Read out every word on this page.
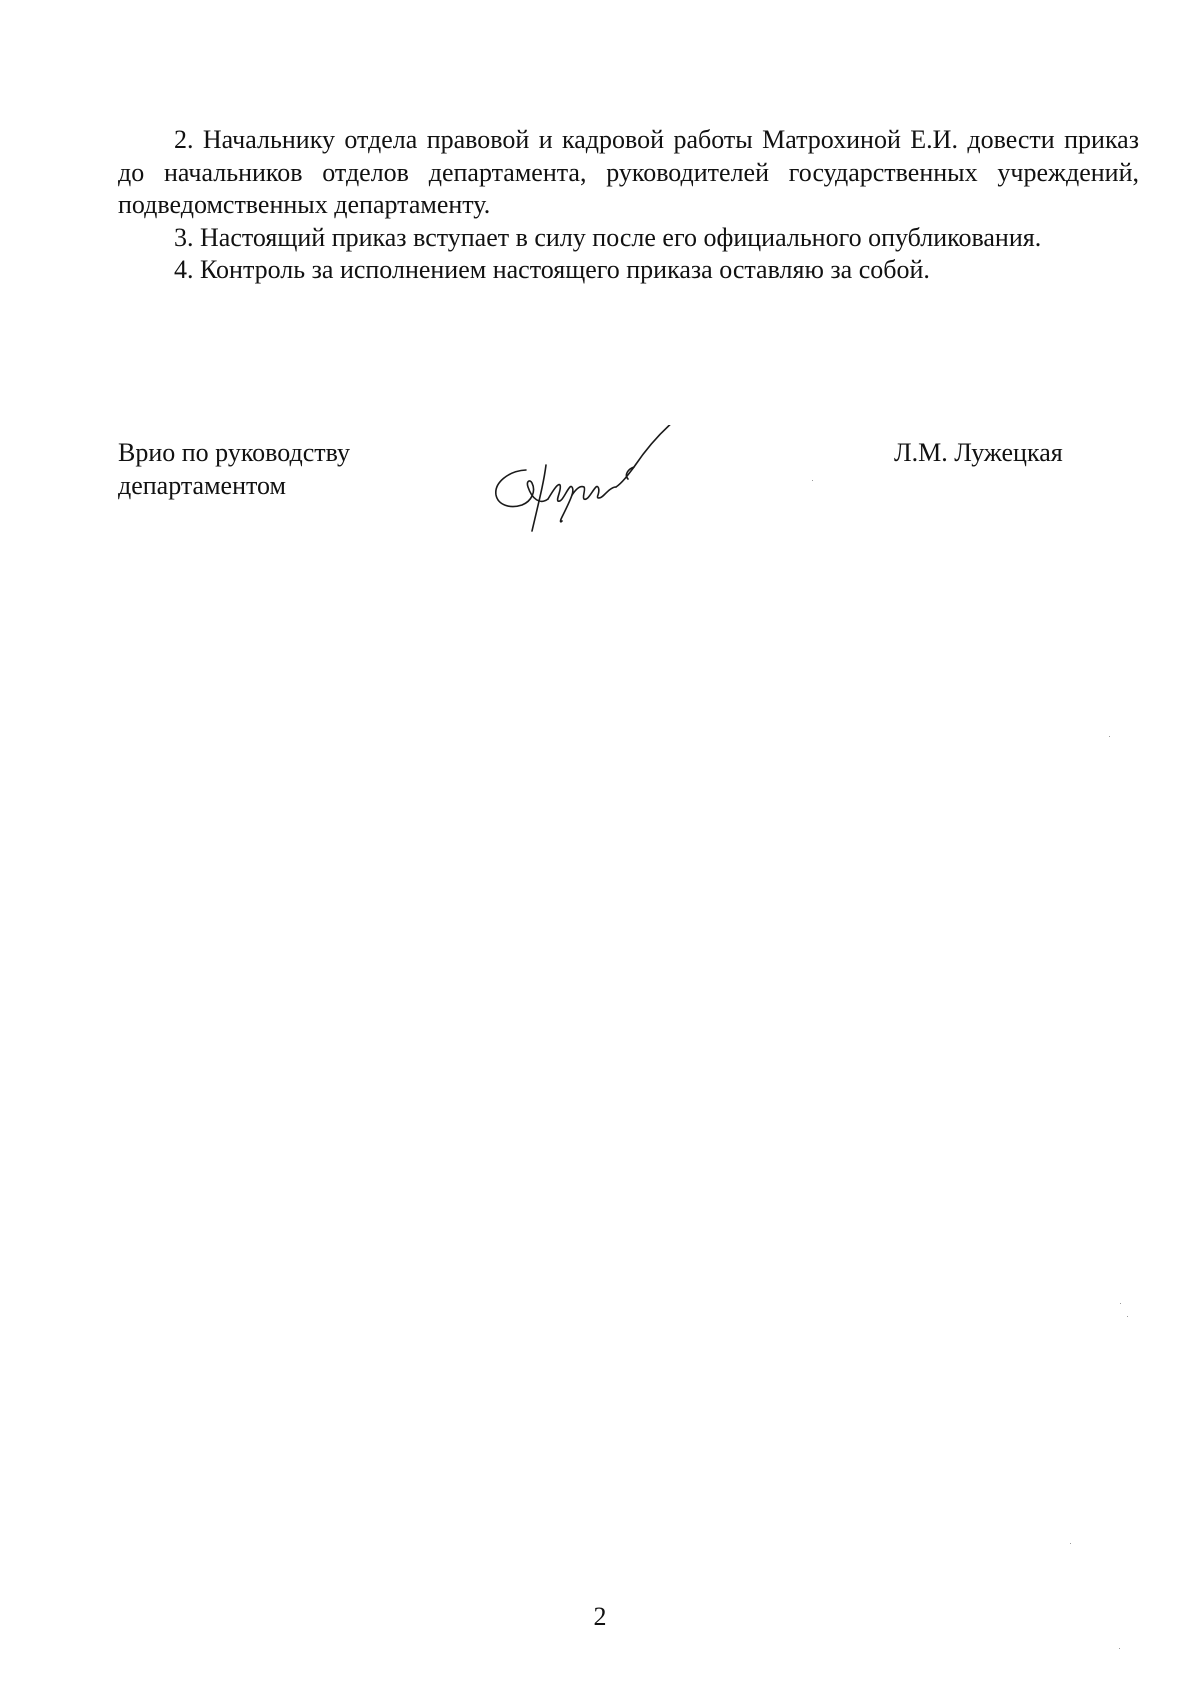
2. Начальнику отдела правовой и кадровой работы Матрохиной Е.И. довести приказ до начальников отделов департамента, руководителей государственных учреждений, подведомственных департаменту.

3. Настоящий приказ вступает в силу после его официального опубликования.

4. Контроль за исполнением настоящего приказа оставляю за собой.

Врио по руководству
департаментом
Л.М. Лужецкая
2
